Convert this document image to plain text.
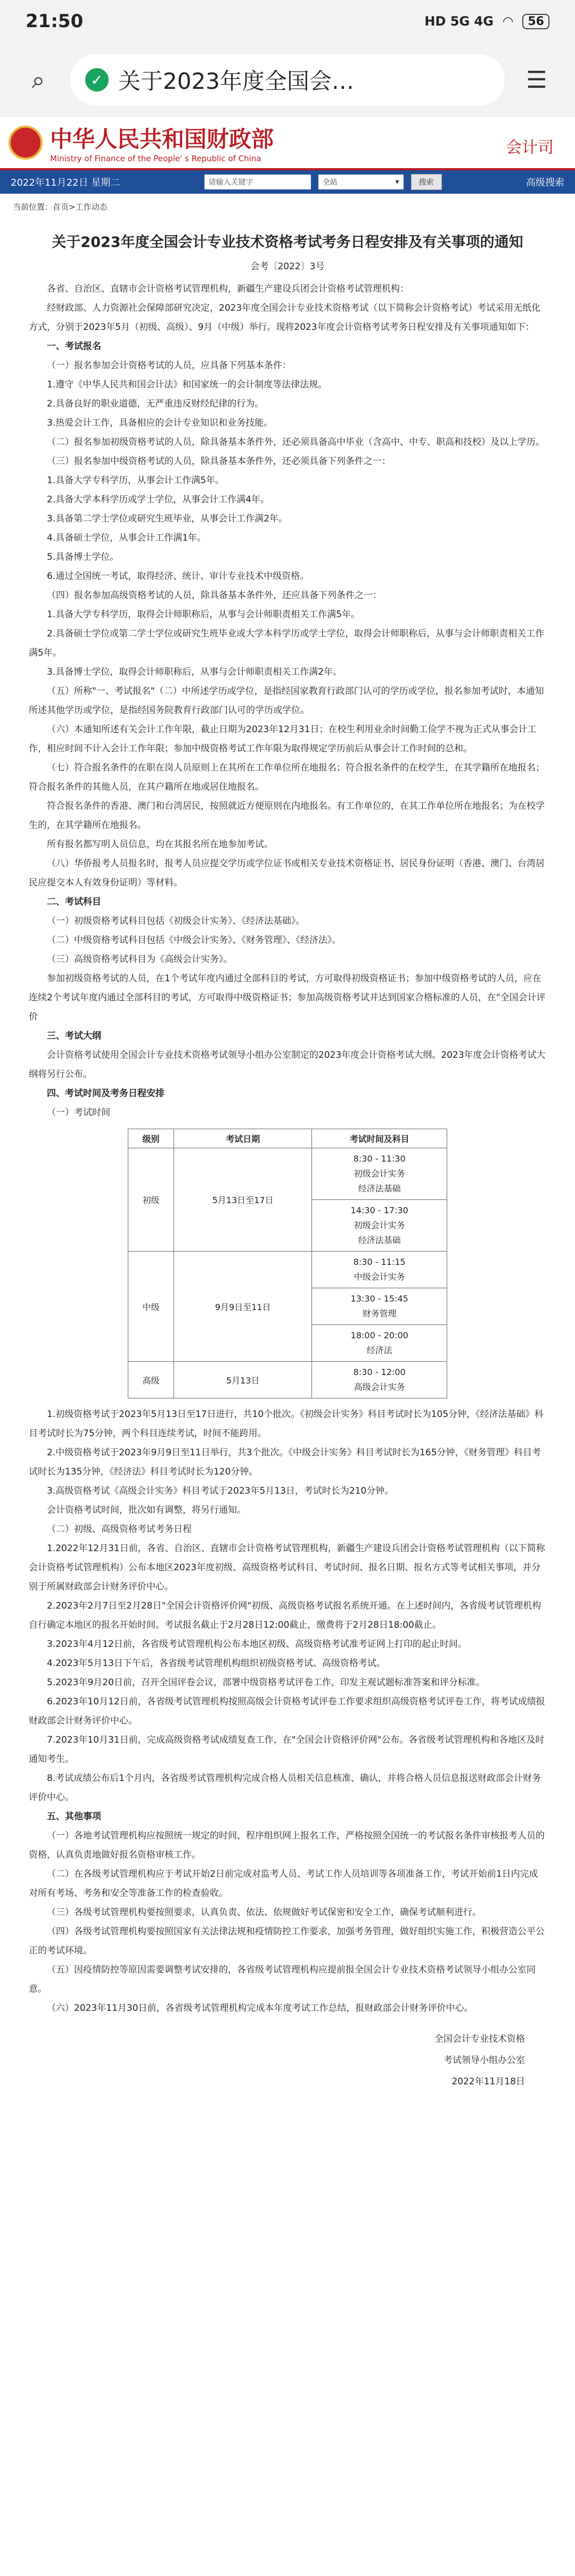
21:50	HD 5G 4G ◠	56
⌕	✓ 关于2023年度全国会…	☰
中华人民共和国财政部
Ministry of Finance of the People' s Republic of China
会计司
2022年11月22日 星期二	请输入关键字	全站	▾	搜索	高级搜索
当前位置：首页>工作动态
关于2023年度全国会计专业技术资格考试考务日程安排及有关事项的通知
会考〔2022〕3号

各省、自治区、直辖市会计资格考试管理机构，新疆生产建设兵团会计资格考试管理机构：

经财政部、人力资源社会保障部研究决定，2023年度全国会计专业技术资格考试（以下简称会计资格考试）考试采用无纸化方式，分别于2023年5月（初级、高级）、9月（中级）举行。现将2023年度会计资格考试考务日程安排及有关事项通知如下：

一、考试报名

（一）报名参加会计资格考试的人员，应具备下列基本条件：

1.遵守《中华人民共和国会计法》和国家统一的会计制度等法律法规。

2.具备良好的职业道德，无严重违反财经纪律的行为。

3.热爱会计工作，具备相应的会计专业知识和业务技能。

（二）报名参加初级资格考试的人员，除具备基本条件外，还必须具备高中毕业（含高中、中专、职高和技校）及以上学历。

（三）报名参加中级资格考试的人员，除具备基本条件外，还必须具备下列条件之一：

1.具备大学专科学历，从事会计工作满5年。

2.具备大学本科学历或学士学位，从事会计工作满4年。

3.具备第二学士学位或研究生班毕业，从事会计工作满2年。

4.具备硕士学位，从事会计工作满1年。

5.具备博士学位。

6.通过全国统一考试，取得经济、统计、审计专业技术中级资格。

（四）报名参加高级资格考试的人员，除具备基本条件外，还应具备下列条件之一：

1.具备大学专科学历，取得会计师职称后，从事与会计师职责相关工作满5年。

2.具备硕士学位或第二学士学位或研究生班毕业或大学本科学历或学士学位，取得会计师职称后，从事与会计师职责相关工作满5年。

3.具备博士学位，取得会计师职称后，从事与会计师职责相关工作满2年。

（五）所称"一、考试报名"（二）中所述学历或学位，是指经国家教育行政部门认可的学历或学位，报名参加考试时，本通知所述其他学历或学位，是指经国务院教育行政部门认可的学历或学位。

（六）本通知所述有关会计工作年限，截止日期为2023年12月31日；在校生利用业余时间勤工俭学不视为正式从事会计工作，相应时间不计入会计工作年限；参加中级资格考试工作年限为取得规定学历前后从事会计工作时间的总和。

（七）符合报名条件的在职在岗人员原则上在其所在工作单位所在地报名；符合报名条件的在校学生，在其学籍所在地报名；符合报名条件的其他人员，在其户籍所在地或居住地报名。

符合报名条件的香港、澳门和台湾居民，按照就近方便原则在内地报名。有工作单位的，在其工作单位所在地报名；为在校学生的，在其学籍所在地报名。

所有报名都写明人员信息，均在其报名所在地参加考试。

（八）华侨报考人员报名时，报考人员应提交学历或学位证书或相关专业技术资格证书、居民身份证明（香港、澳门、台湾居民应提交本人有效身份证明）等材料。

二、考试科目

（一）初级资格考试科目包括《初级会计实务》、《经济法基础》。

（二）中级资格考试科目包括《中级会计实务》、《财务管理》、《经济法》。

（三）高级资格考试科目为《高级会计实务》。

参加初级资格考试的人员，在1个考试年度内通过全部科目的考试，方可取得初级资格证书；参加中级资格考试的人员，应在连续2个考试年度内通过全部科目的考试，方可取得中级资格证书；参加高级资格考试并达到国家合格标准的人员，在"全国会计评价

三、考试大纲

会计资格考试使用全国会计专业技术资格考试领导小组办公室制定的2023年度会计资格考试大纲。2023年度会计资格考试大纲将另行公布。

四、考试时间及考务日程安排

（一）考试时间

级别	考试日期	考试时间及科目
初级	5月13日至17日	8:30 - 11:30
初级会计实务
经济法基础

		14:30 - 17:30
初级会计实务
经济法基础

中级	9月9日至11日	8:30 - 11:15
中级会计实务

		13:30 - 15:45
财务管理

		18:00 - 20:00
经济法

高级	5月13日	8:30 - 12:00
高级会计实务

1.初级资格考试于2023年5月13日至17日进行，共10个批次。《初级会计实务》科目考试时长为105分钟，《经济法基础》科目考试时长为75分钟，两个科目连续考试，时间不能跨用。

2.中级资格考试于2023年9月9日至11日举行，共3个批次。《中级会计实务》科目考试时长为165分钟，《财务管理》科目考试时长为135分钟，《经济法》科目考试时长为120分钟。

3.高级资格考试《高级会计实务》科目考试于2023年5月13日，考试时长为210分钟。

会计资格考试时间，批次如有调整，将另行通知。

（二）初级、高级资格考试考务日程

1.2022年12月31日前，各省、自治区、直辖市会计资格考试管理机构，新疆生产建设兵团会计资格考试管理机构（以下简称会计资格考试管理机构）公布本地区2023年度初级、高级资格考试科目、考试时间、报名日期、报名方式等考试相关事项，并分别于所属财政部会计财务评价中心。

2.2023年2月7日至2月28日"全国会计资格评价网"初级、高级资格考试报名系统开通。在上述时间内，各省级考试管理机构自行确定本地区的报名开始时间。考试报名截止于2月28日12:00截止，缴费将于2月28日18:00截止。

3.2023年4月12日前，各省级考试管理机构公布本地区初级、高级资格考试准考证网上打印的起止时间。

4.2023年5月13日下午后，各省级考试管理机构组织初级资格考试、高级资格考试。

5.2023年9月20日前，召开全国评卷会议，部署中级资格考试评卷工作，印发主观试题标准答案和评分标准。

6.2023年10月12日前，各省级考试管理机构按照高级会计资格考试评卷工作要求组织高级资格考试评卷工作，将考试成绩报财政部会计财务评价中心。

7.2023年10月31日前，完成高级资格考试成绩复查工作，在"全国会计资格评价网"公布。各省级考试管理机构和各地区及时通知考生。

8.考试成绩公布后1个月内，各省级考试管理机构完成合格人员相关信息核准、确认，并将合格人员信息报送财政部会计财务评价中心。

五、其他事项

（一）各地考试管理机构应按照统一规定的时间、程序组织网上报名工作，严格按照全国统一的考试报名条件审核报考人员的资格，认真负责地做好报名资格审核工作。

（二）在各级考试管理机构应于考试开始2日前完成对监考人员、考试工作人员培训等各项准备工作，考试开始前1日内完成对所有考场、考务和安全等准备工作的检查验收。

（三）各级考试管理机构要按照要求，认真负责、依法、依规做好考试保密和安全工作，确保考试顺利进行。

（四）各级考试管理机构要按照国家有关法律法规和疫情防控工作要求，加强考务管理，做好组织实施工作，积极营造公平公正的考试环境。

（五）因疫情防控等原因需要调整考试安排的，各省级考试管理机构应提前报全国会计专业技术资格考试领导小组办公室同意。

（六）2023年11月30日前，各省级考试管理机构完成本年度考试工作总结，报财政部会计财务评价中心。

全国会计专业技术资格
考试领导小组办公室
2022年11月18日
